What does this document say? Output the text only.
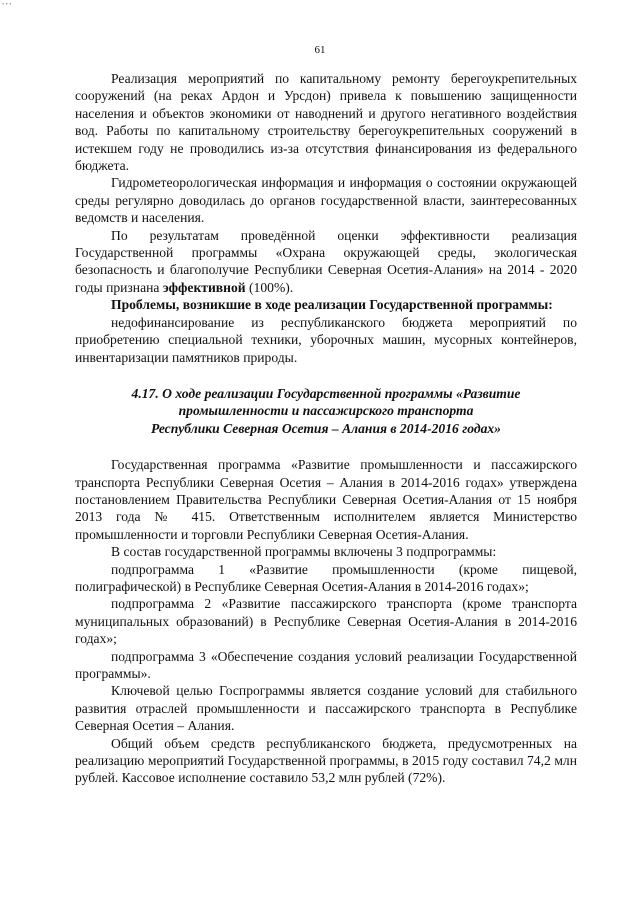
• • •
61

Реализация мероприятий по капитальному ремонту берегоукрепительных сооружений (на реках Ардон и Урсдон) привела к повышению защищенности населения и объектов экономики от наводнений и другого негативного воздействия вод. Работы по капитальному строительству берегоукрепительных сооружений в истекшем году не проводились из-за отсутствия финансирования из федерального бюджета.

Гидрометеорологическая информация и информация о состоянии окружающей среды регулярно доводилась до органов государственной власти, заинтересованных ведомств и населения.

По результатам проведённой оценки эффективности реализация Государственной программы «Охрана окружающей среды, экологическая безопасность и благополучие Республики Северная Осетия-Алания» на 2014 - 2020 годы признана эффективной (100%).

Проблемы, возникшие в ходе реализации Государственной программы:

недофинансирование из республиканского бюджета мероприятий по приобретению специальной техники, уборочных машин, мусорных контейнеров, инвентаризации памятников природы.

4.17. О ходе реализации Государственной программы «Развитие
промышленности и пассажирского транспорта
Республики Северная Осетия – Алания в 2014-2016 годах»

Государственная программа «Развитие промышленности и пассажирского транспорта Республики Северная Осетия – Алания в 2014-2016 годах» утверждена постановлением Правительства Республики Северная Осетия-Алания от 15 ноября 2013 года № 415. Ответственным исполнителем является Министерство промышленности и торговли Республики Северная Осетия-Алания.

В состав государственной программы включены 3 подпрограммы:

подпрограмма 1 «Развитие промышленности (кроме пищевой, полиграфической) в Республике Северная Осетия-Алания в 2014-2016 годах»;

подпрограмма 2 «Развитие пассажирского транспорта (кроме транспорта муниципальных образований) в Республике Северная Осетия-Алания в 2014-2016 годах»;

подпрограмма 3 «Обеспечение создания условий реализации Государственной программы».

Ключевой целью Госпрограммы является создание условий для стабильного развития отраслей промышленности и пассажирского транспорта в Республике Северная Осетия – Алания.

Общий объем средств республиканского бюджета, предусмотренных на реализацию мероприятий Государственной программы, в 2015 году составил 74,2 млн рублей. Кассовое исполнение составило 53,2 млн рублей (72%).
